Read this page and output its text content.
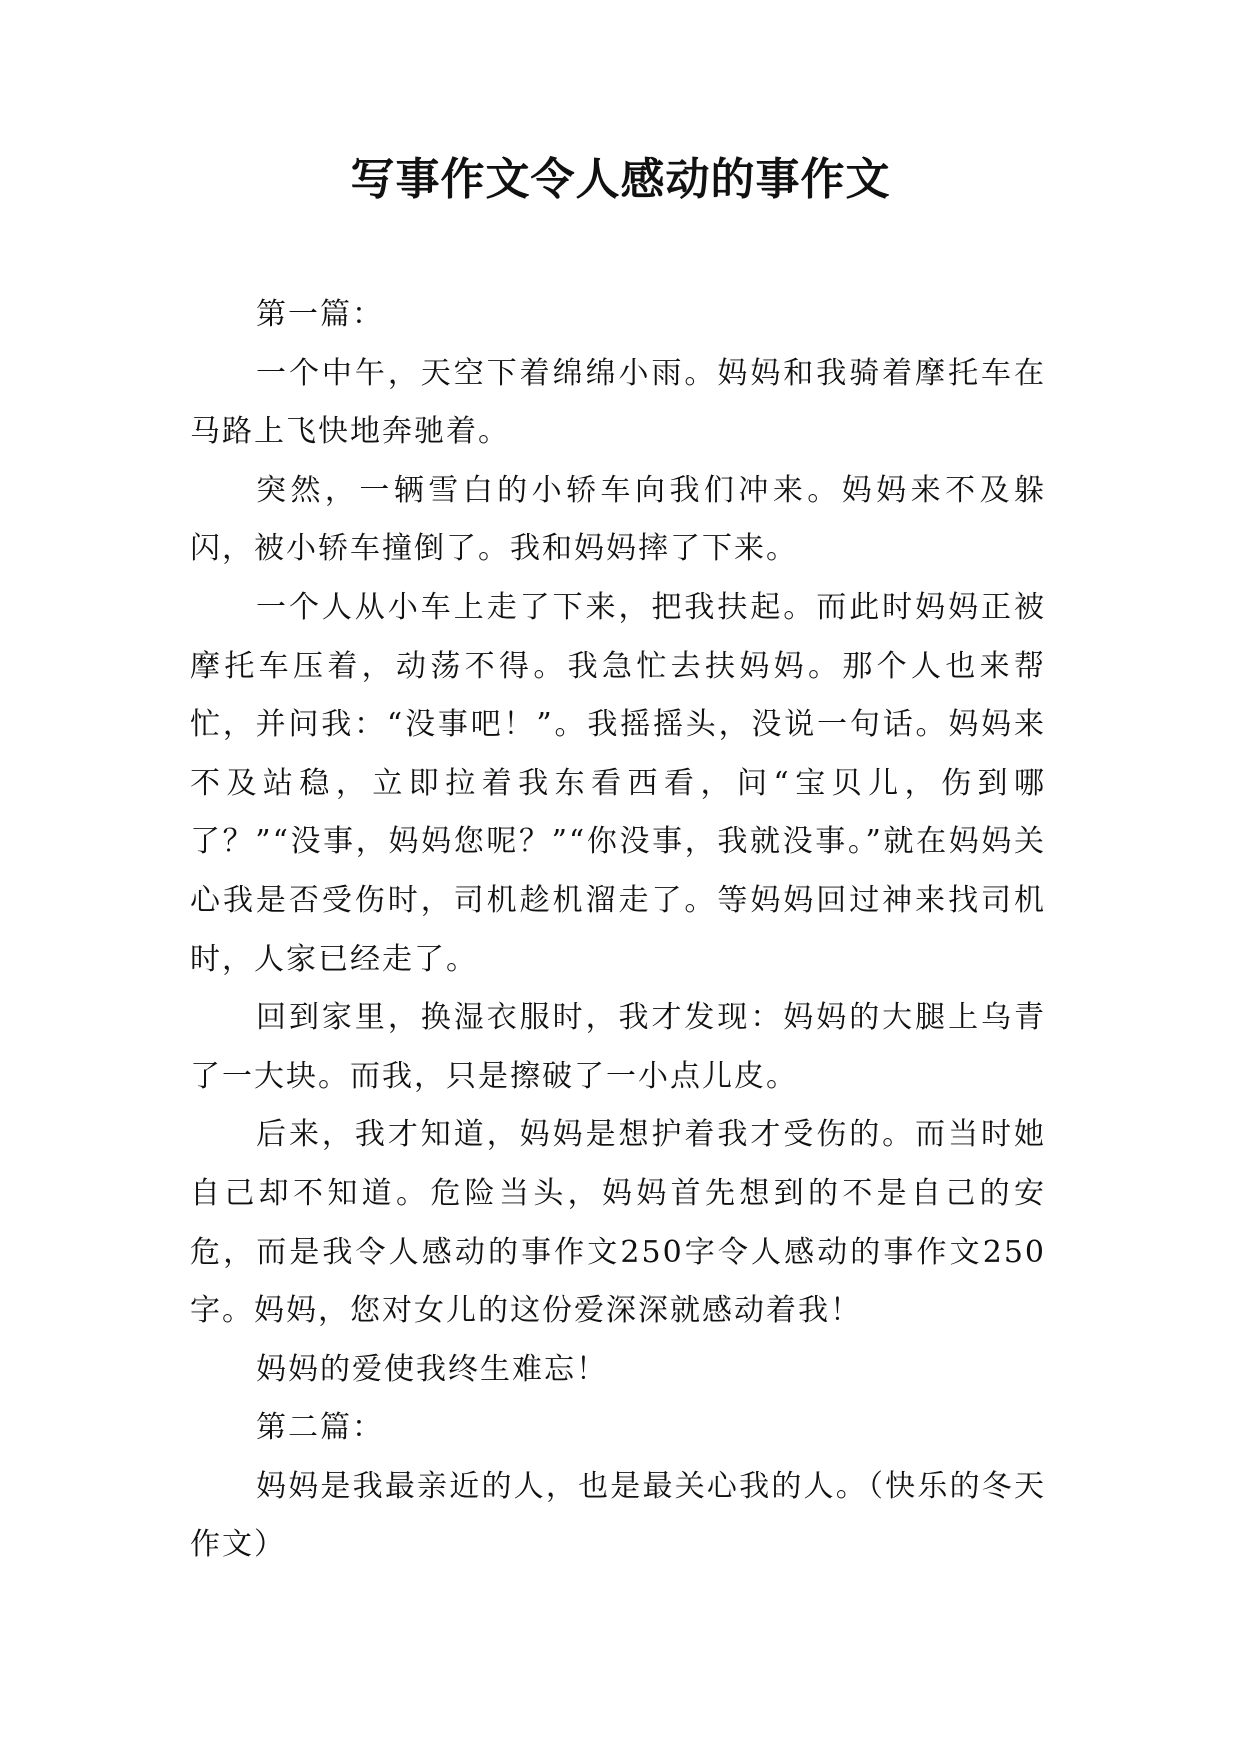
写事作文令人感动的事作文

第一篇：

一个中午，天空下着绵绵小雨。妈妈和我骑着摩托车在马路上飞快地奔驰着。

突然，一辆雪白的小轿车向我们冲来。妈妈来不及躲闪，被小轿车撞倒了。我和妈妈摔了下来。

一个人从小车上走了下来，把我扶起。而此时妈妈正被摩托车压着，动荡不得。我急忙去扶妈妈。那个人也来帮忙，并问我：“没事吧！”。我摇摇头，没说一句话。妈妈来不及站稳，立即拉着我东看西看，问“宝贝儿，伤到哪了？”“没事，妈妈您呢？”“你没事，我就没事。”就在妈妈关心我是否受伤时，司机趁机溜走了。等妈妈回过神来找司机时，人家已经走了。

回到家里，换湿衣服时，我才发现：妈妈的大腿上乌青了一大块。而我，只是擦破了一小点儿皮。

后来，我才知道，妈妈是想护着我才受伤的。而当时她自己却不知道。危险当头，妈妈首先想到的不是自己的安危，而是我令人感动的事作文250字令人感动的事作文250字。妈妈，您对女儿的这份爱深深就感动着我！

妈妈的爱使我终生难忘！

第二篇：

妈妈是我最亲近的人，也是最关心我的人。（快乐的冬天作文）
